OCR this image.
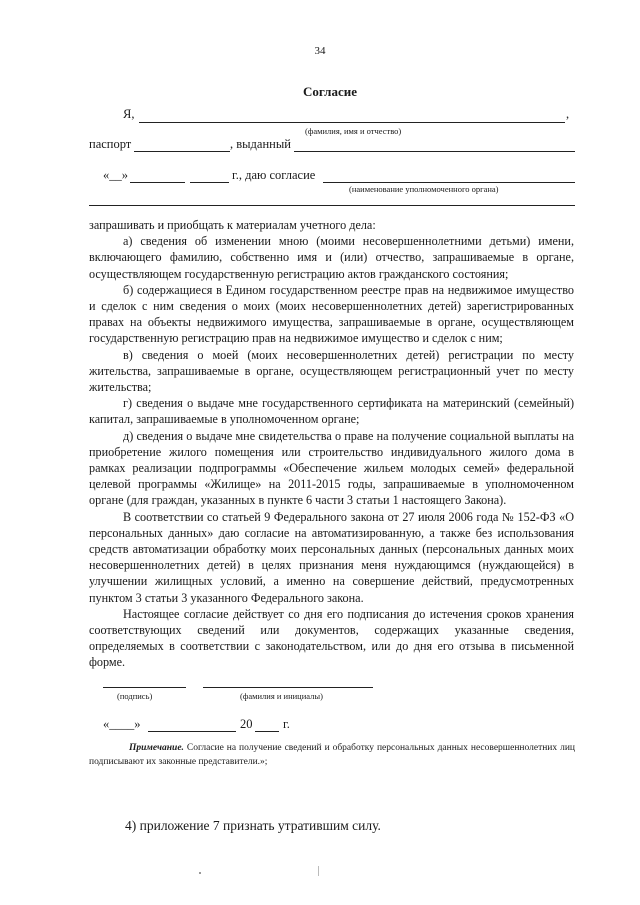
34
Согласие
Я,	,
(фамилия, имя и отчество)
паспорт	, выданный
«__»	г., даю согласие
(наименование уполномоченного органа)

запрашивать и приобщать к материалам учетного дела:

а) сведения об изменении мною (моими несовершеннолетними детьми) имени, включающего фамилию, собственно имя и (или) отчество, запрашиваемые в органе, осуществляющем государственную регистрацию актов гражданского состояния;

б) содержащиеся в Едином государственном реестре прав на недвижимое имущество и сделок с ним сведения о моих (моих несовершеннолетних детей) зарегистрированных правах на объекты недвижимого имущества, запрашиваемые в органе, осуществляющем государственную регистрацию прав на недвижимое имущество и сделок с ним;

в) сведения о моей (моих несовершеннолетних детей) регистрации по месту жительства, запрашиваемые в органе, осуществляющем регистрационный учет по месту жительства;

г) сведения о выдаче мне государственного сертификата на материнский (семейный) капитал, запрашиваемые в уполномоченном органе;

д) сведения о выдаче мне свидетельства о праве на получение социальной выплаты на приобретение жилого помещения или строительство индивидуального жилого дома в рамках реализации подпрограммы «Обеспечение жильем молодых семей» федеральной целевой программы «Жилище» на 2011-2015 годы, запрашиваемые в уполномоченном органе (для граждан, указанных в пункте 6 части 3 статьи 1 настоящего Закона).

В соответствии со статьей 9 Федерального закона от 27 июля 2006 года № 152-ФЗ «О персональных данных» даю согласие на автоматизированную, а также без использования средств автоматизации обработку моих персональных данных (персональных данных моих несовершеннолетних детей) в целях признания меня нуждающимся (нуждающейся) в улучшении жилищных условий, а именно на совершение действий, предусмотренных пунктом 3 статьи 3 указанного Федерального закона.

Настоящее согласие действует со дня его подписания до истечения сроков хранения соответствующих сведений или документов, содержащих указанные сведения, определяемых в соответствии с законодательством, или до дня его отзыва в письменной форме.

(подпись)	(фамилия и инициалы)
«____»	20 г.
Примечание. Согласие на получение сведений и обработку персональных данных несовершеннолетних лиц подписывают их законные представители.»;
4) приложение 7 признать утратившим силу.
